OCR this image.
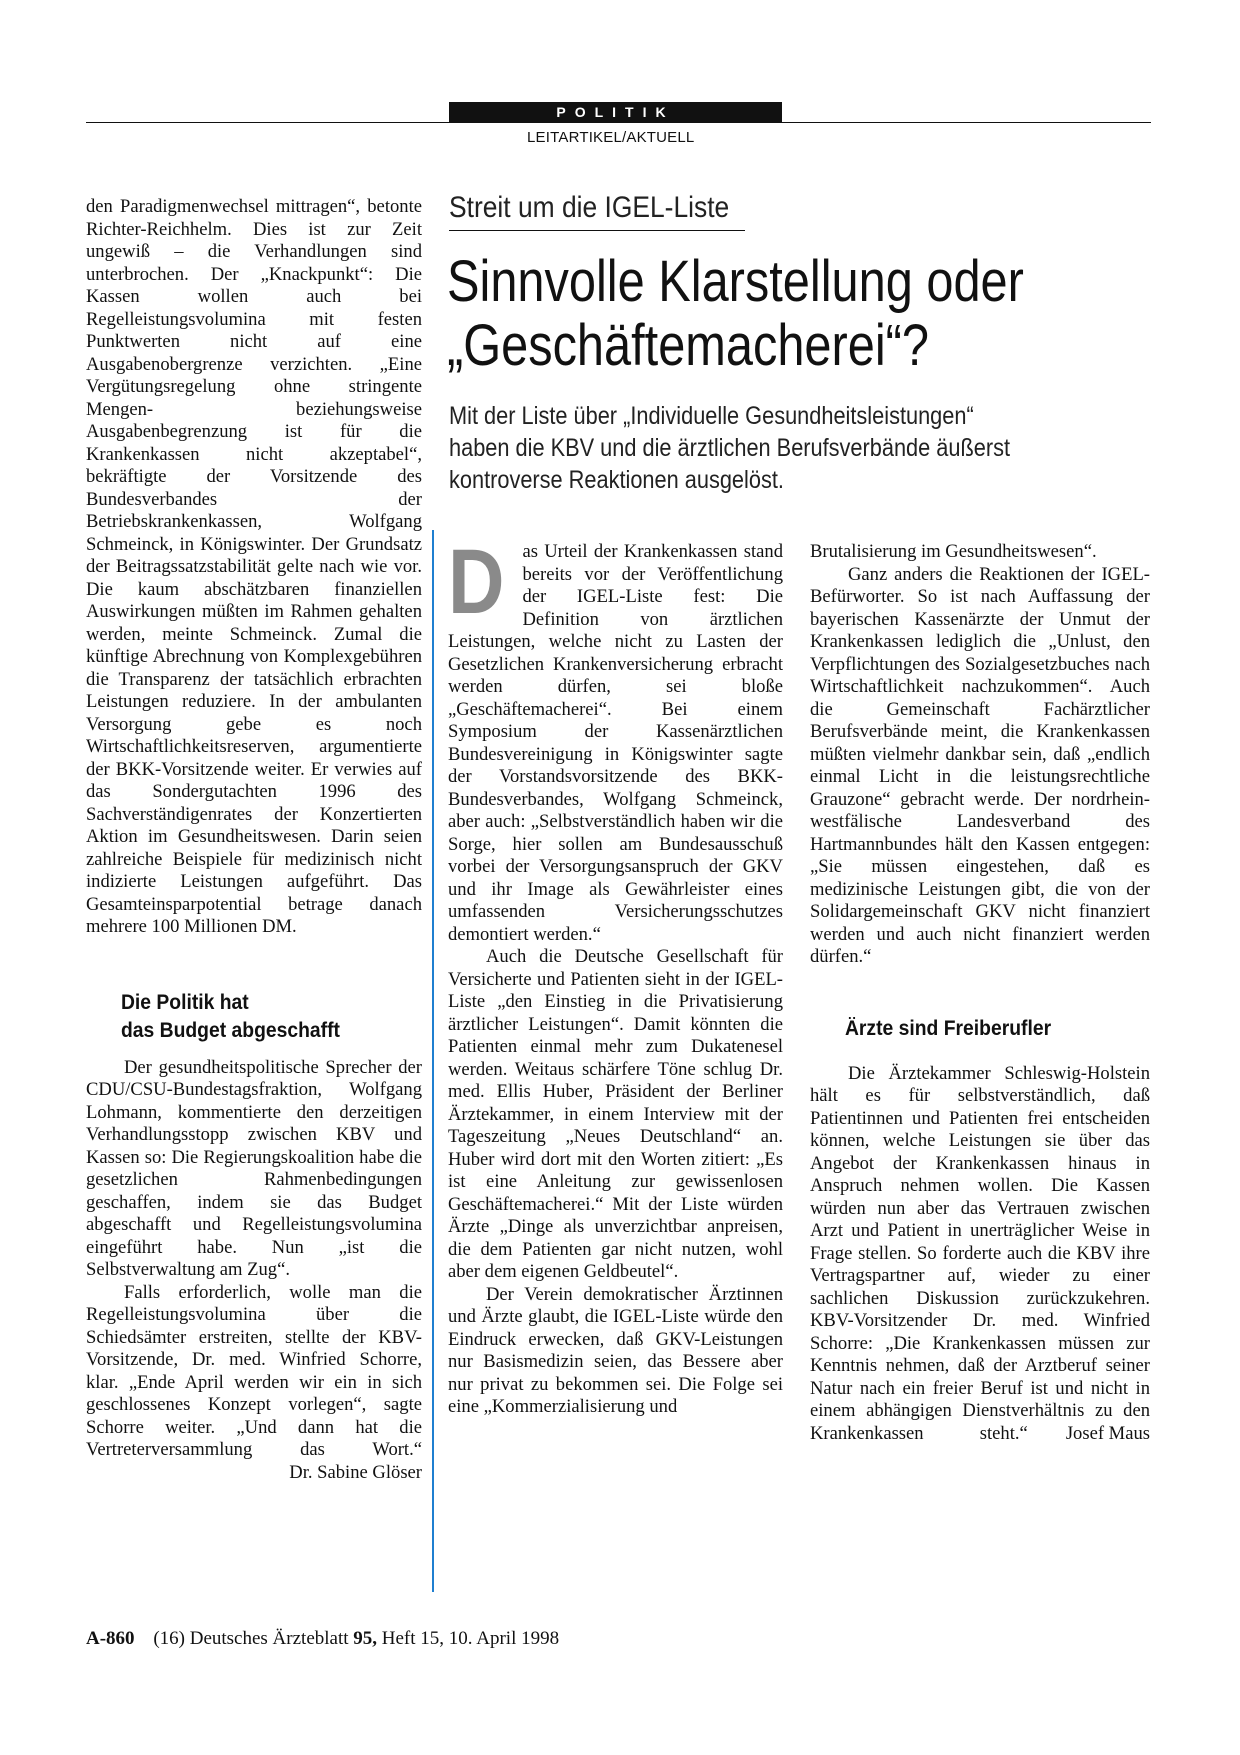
POLITIK
LEITARTIKEL/AKTUELL

den Paradigmenwechsel mittragen“, betonte Richter-Reichhelm. Dies ist zur Zeit ungewiß – die Verhandlungen sind unterbrochen. Der „Knackpunkt“: Die Kassen wollen auch bei Regelleistungsvolumina mit festen Punktwerten nicht auf eine Ausgabenobergrenze verzichten. „Eine Vergütungsregelung ohne stringente Mengen- beziehungsweise Ausgabenbegrenzung ist für die Krankenkassen nicht akzeptabel“, bekräftigte der Vorsitzende des Bundesverbandes der Betriebskrankenkassen, Wolfgang Schmeinck, in Königswinter. Der Grundsatz der Beitragssatzstabilität gelte nach wie vor. Die kaum abschätzbaren finanziellen Auswirkungen müßten im Rahmen gehalten werden, meinte Schmeinck. Zumal die künftige Abrechnung von Komplexgebühren die Transparenz der tatsächlich erbrachten Leistungen reduziere. In der ambulanten Versorgung gebe es noch Wirtschaftlichkeitsreserven, argumentierte der BKK-Vorsitzende weiter. Er verwies auf das Sondergutachten 1996 des Sachverständigenrates der Konzertierten Aktion im Gesundheitswesen. Darin seien zahlreiche Beispiele für medizinisch nicht indizierte Leistungen aufgeführt. Das Gesamteinsparpotential betrage danach mehrere 100 Millionen DM.

Die Politik hat

das Budget abgeschafft

Der gesundheitspolitische Sprecher der CDU/CSU-Bundestagsfraktion, Wolfgang Lohmann, kommentierte den derzeitigen Verhandlungsstopp zwischen KBV und Kassen so: Die Regierungskoalition habe die gesetzlichen Rahmenbedingungen geschaffen, indem sie das Budget abgeschafft und Regelleistungsvolumina eingeführt habe. Nun „ist die Selbstverwaltung am Zug“.

Falls erforderlich, wolle man die Regelleistungsvolumina über die Schiedsämter erstreiten, stellte der KBV-Vorsitzende, Dr. med. Winfried Schorre, klar. „Ende April werden wir ein in sich geschlossenes Konzept vorlegen“, sagte Schorre weiter. „Und dann hat die Vertreterversammlung das Wort.“
Dr. Sabine Glöser

Streit um die IGEL-Liste
Sinnvolle Klarstellung oder
„Geschäftemacherei“?
Mit der Liste über „Individuelle Gesundheitsleistungen“
haben die KBV und die ärztlichen Berufsverbände äußerst
kontroverse Reaktionen ausgelöst.

Das Urteil der Krankenkassen stand bereits vor der Veröffentlichung der IGEL-Liste fest: Die Definition von ärztlichen Leistungen, welche nicht zu Lasten der Gesetzlichen Krankenversicherung erbracht werden dürfen, sei bloße „Geschäftemacherei“. Bei einem Symposium der Kassenärztlichen Bundesvereinigung in Königswinter sagte der Vorstandsvorsitzende des BKK-Bundesverbandes, Wolfgang Schmeinck, aber auch: „Selbstverständlich haben wir die Sorge, hier sollen am Bundesausschuß vorbei der Versorgungsanspruch der GKV und ihr Image als Gewährleister eines umfassenden Versicherungsschutzes demontiert werden.“

Auch die Deutsche Gesellschaft für Versicherte und Patienten sieht in der IGEL-Liste „den Einstieg in die Privatisierung ärztlicher Leistungen“. Damit könnten die Patienten einmal mehr zum Dukatenesel werden. Weitaus schärfere Töne schlug Dr. med. Ellis Huber, Präsident der Berliner Ärztekammer, in einem Interview mit der Tageszeitung „Neues Deutschland“ an. Huber wird dort mit den Worten zitiert: „Es ist eine Anleitung zur gewissenlosen Geschäftemacherei.“ Mit der Liste würden Ärzte „Dinge als unverzichtbar anpreisen, die dem Patienten gar nicht nutzen, wohl aber dem eigenen Geldbeutel“.

Der Verein demokratischer Ärztinnen und Ärzte glaubt, die IGEL-Liste würde den Eindruck erwecken, daß GKV-Leistungen nur Basismedizin seien, das Bessere aber nur privat zu bekommen sei. Die Folge sei eine „Kommerzialisierung und

Brutalisierung im Gesundheitswesen“.

Ganz anders die Reaktionen der IGEL-Befürworter. So ist nach Auffassung der bayerischen Kassenärzte der Unmut der Krankenkassen lediglich die „Unlust, den Verpflichtungen des Sozialgesetzbuches nach Wirtschaftlichkeit nachzukommen“. Auch die Gemeinschaft Fachärztlicher Berufsverbände meint, die Krankenkassen müßten vielmehr dankbar sein, daß „endlich einmal Licht in die leistungsrechtliche Grauzone“ gebracht werde. Der nordrhein-westfälische Landesverband des Hartmannbundes hält den Kassen entgegen: „Sie müssen eingestehen, daß es medizinische Leistungen gibt, die von der Solidargemeinschaft GKV nicht finanziert werden und auch nicht finanziert werden dürfen.“

Ärzte sind Freiberufler

Die Ärztekammer Schleswig-Holstein hält es für selbstverständlich, daß Patientinnen und Patienten frei entscheiden können, welche Leistungen sie über das Angebot der Krankenkassen hinaus in Anspruch nehmen wollen. Die Kassen würden nun aber das Vertrauen zwischen Arzt und Patient in unerträglicher Weise in Frage stellen. So forderte auch die KBV ihre Vertragspartner auf, wieder zu einer sachlichen Diskussion zurückzukehren. KBV-Vorsitzender Dr. med. Winfried Schorre: „Die Krankenkassen müssen zur Kenntnis nehmen, daß der Arztberuf seiner Natur nach ein freier Beruf ist und nicht in einem abhängigen Dienstverhältnis zu den Krankenkassen steht.“	Josef Maus

A-860 (16) Deutsches Ärzteblatt 95, Heft 15, 10. April 1998
